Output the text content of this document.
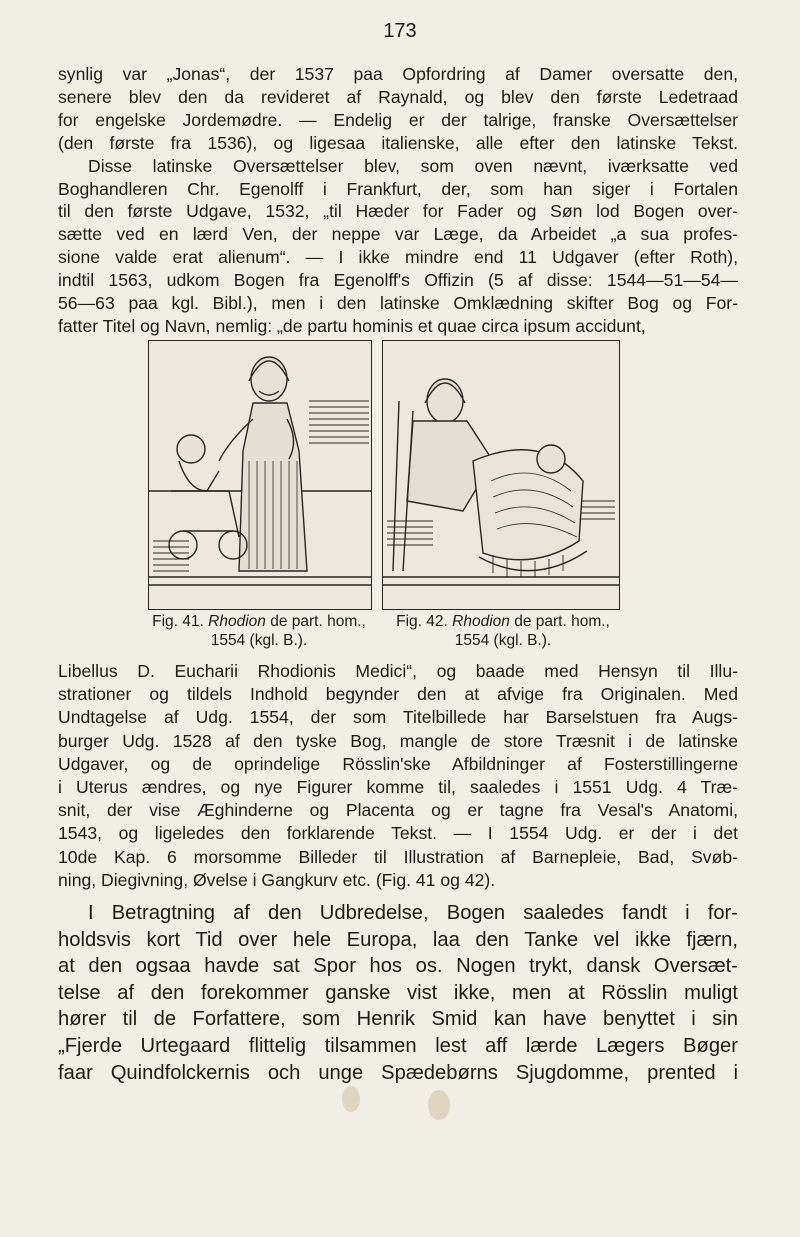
173
synlig var „Jonas“, der 1537 paa Opfordring af Damer oversatte den,
senere blev den da revideret af Raynald, og blev den første Ledetraad
for engelske Jordemødre. — Endelig er der talrige, franske Oversættelser
(den første fra 1536), og ligesaa italienske, alle efter den latinske Tekst.
Disse latinske Oversættelser blev, som oven nævnt, iværksatte ved
Boghandleren Chr. Egenolff i Frankfurt, der, som han siger i Fortalen
til den første Udgave, 1532, „til Hæder for Fader og Søn lod Bogen over-
sætte ved en lærd Ven, der neppe var Læge, da Arbeidet „a sua profes-
sione valde erat alienum“. — I ikke mindre end 11 Udgaver (efter Roth),
indtil 1563, udkom Bogen fra Egenolff's Offizin (5 af disse: 1544—51—54—
56—63 paa kgl. Bibl.), men i den latinske Omklædning skifter Bog og For-
fatter Titel og Navn, nemlig: „de partu hominis et quae circa ipsum accidunt,
Fig. 41. Rhodion de part. hom.,
1554 (kgl. B.).
Fig. 42. Rhodion de part. hom.,
1554 (kgl. B.).
Libellus D. Eucharii Rhodionis Medici“, og baade med Hensyn til Illu-
strationer og tildels Indhold begynder den at afvige fra Originalen. Med
Undtagelse af Udg. 1554, der som Titelbillede har Barselstuen fra Augs-
burger Udg. 1528 af den tyske Bog, mangle de store Træsnit i de latinske
Udgaver, og de oprindelige Rösslin'ske Afbildninger af Fosterstillingerne
i Uterus ændres, og nye Figurer komme til, saaledes i 1551 Udg. 4 Træ-
snit, der vise Æghinderne og Placenta og er tagne fra Vesal's Anatomi,
1543, og ligeledes den forklarende Tekst. — I 1554 Udg. er der i det
10de Kap. 6 morsomme Billeder til Illustration af Barnepleie, Bad, Svøb-
ning, Diegivning, Øvelse i Gangkurv etc. (Fig. 41 og 42).
I Betragtning af den Udbredelse, Bogen saaledes fandt i for-
holdsvis kort Tid over hele Europa, laa den Tanke vel ikke fjærn,
at den ogsaa havde sat Spor hos os. Nogen trykt, dansk Oversæt-
telse af den forekommer ganske vist ikke, men at Rösslin muligt
hører til de Forfattere, som Henrik Smid kan have benyttet i sin
„Fjerde Urtegaard flittelig tilsammen lest aff lærde Lægers Bøger
faar Quindfolckernis och unge Spædebørns Sjugdomme, prented i
